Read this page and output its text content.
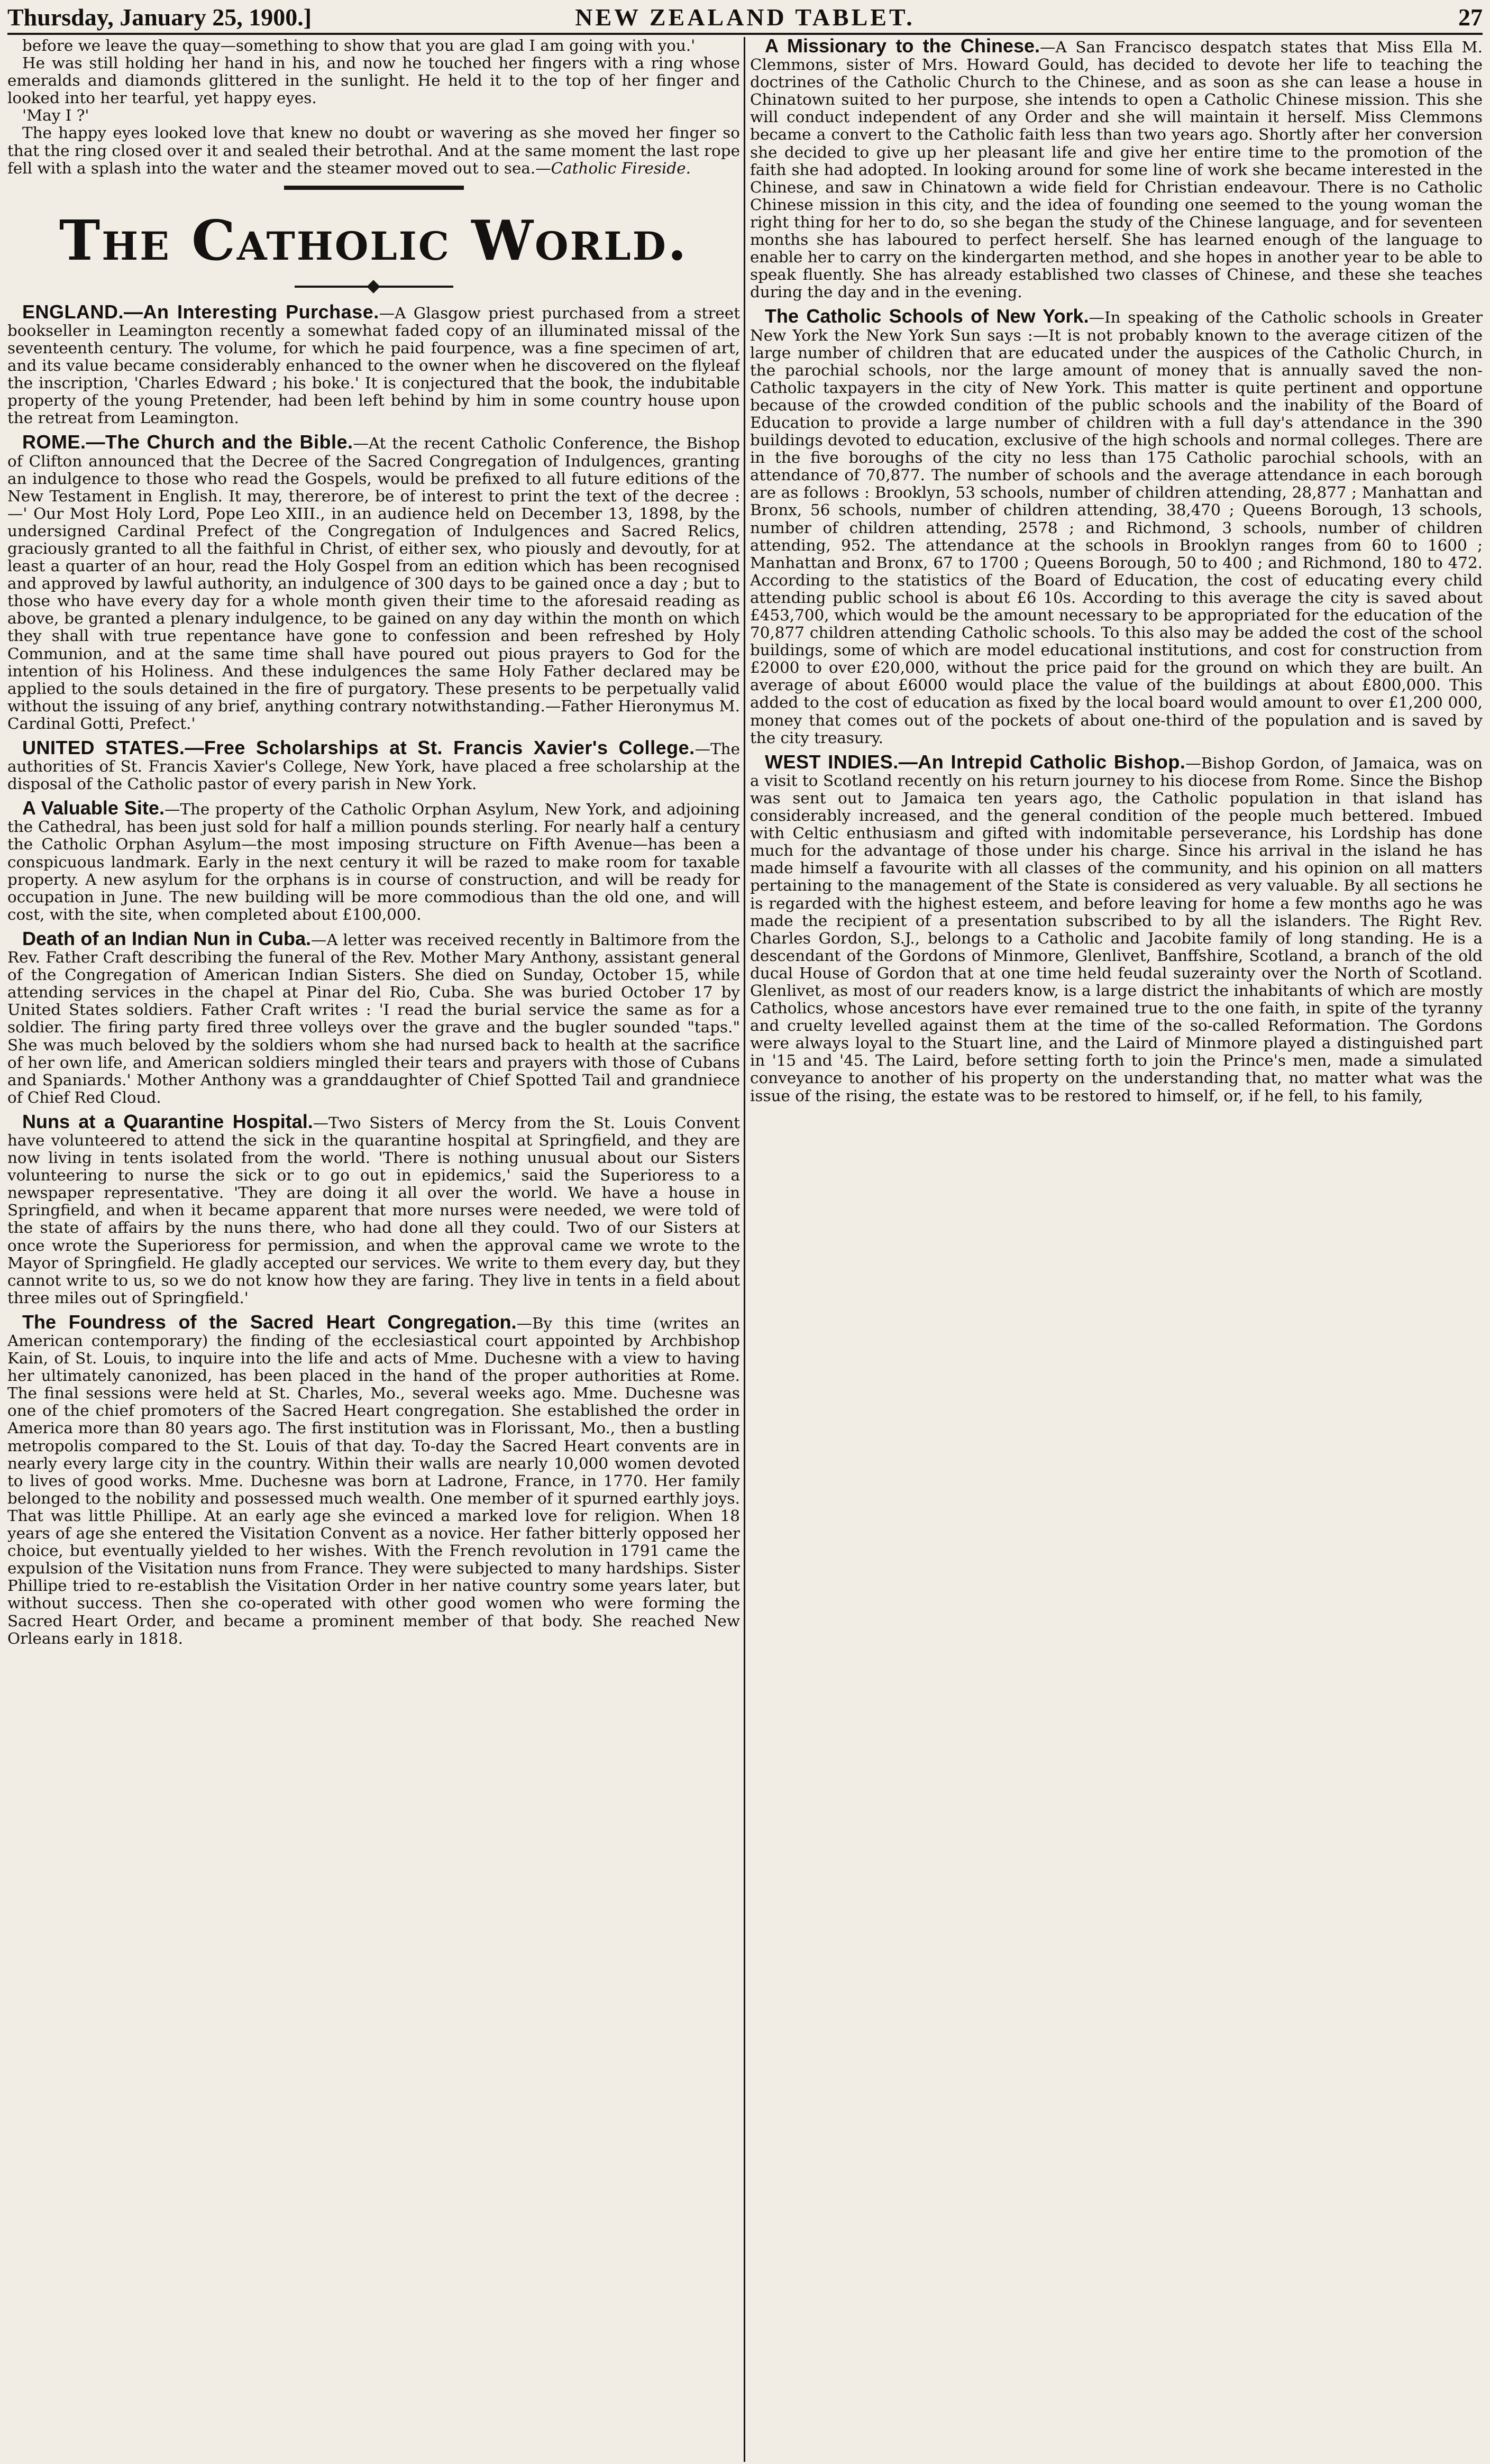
Thursday, January 25, 1900.]	NEW ZEALAND TABLET.	27

before we leave the quay—something to show that you are glad I am going with you.'

He was still holding her hand in his, and now he touched her fingers with a ring whose emeralds and diamonds glittered in the sunlight. He held it to the top of her finger and looked into her tearful, yet happy eyes.

'May I ?'

The happy eyes looked love that knew no doubt or wavering as she moved her finger so that the ring closed over it and sealed their betrothal. And at the same moment the last rope fell with a splash into the water and the steamer moved out to sea.—Catholic Fireside.

The Catholic World.

ENGLAND.—An Interesting Purchase.—A Glasgow priest purchased from a street bookseller in Leamington recently a somewhat faded copy of an illuminated missal of the seventeenth century. The volume, for which he paid fourpence, was a fine specimen of art, and its value became considerably enhanced to the owner when he discovered on the flyleaf the inscription, 'Charles Edward ; his boke.' It is conjectured that the book, the indubitable property of the young Pretender, had been left behind by him in some country house upon the retreat from Leamington.

ROME.—The Church and the Bible.—At the recent Catholic Conference, the Bishop of Clifton announced that the Decree of the Sacred Congregation of Indulgences, granting an indulgence to those who read the Gospels, would be prefixed to all future editions of the New Testament in English. It may, thererore, be of interest to print the text of the decree :—' Our Most Holy Lord, Pope Leo XIII., in an audience held on December 13, 1898, by the undersigned Cardinal Prefect of the Congregation of Indulgences and Sacred Relics, graciously granted to all the faithful in Christ, of either sex, who piously and devoutly, for at least a quarter of an hour, read the Holy Gospel from an edition which has been recognised and approved by lawful authority, an indulgence of 300 days to be gained once a day ; but to those who have every day for a whole month given their time to the aforesaid reading as above, be granted a plenary indulgence, to be gained on any day within the month on which they shall with true repentance have gone to confession and been refreshed by Holy Communion, and at the same time shall have poured out pious prayers to God for the intention of his Holiness. And these indulgences the same Holy Father declared may be applied to the souls detained in the fire of purgatory. These presents to be perpetually valid without the issuing of any brief, anything contrary notwithstanding.—Father Hieronymus M. Cardinal Gotti, Prefect.'

UNITED STATES.—Free Scholarships at St. Francis Xavier's College.—The authorities of St. Francis Xavier's College, New York, have placed a free scholarship at the disposal of the Catholic pastor of every parish in New York.

A Valuable Site.—The property of the Catholic Orphan Asylum, New York, and adjoining the Cathedral, has been just sold for half a million pounds sterling. For nearly half a century the Catholic Orphan Asylum—the most imposing structure on Fifth Avenue—has been a conspicuous landmark. Early in the next century it will be razed to make room for taxable property. A new asylum for the orphans is in course of construction, and will be ready for occupation in June. The new building will be more commodious than the old one, and will cost, with the site, when completed about £100,000.

Death of an Indian Nun in Cuba.—A letter was received recently in Baltimore from the Rev. Father Craft describing the funeral of the Rev. Mother Mary Anthony, assistant general of the Congregation of American Indian Sisters. She died on Sunday, October 15, while attending services in the chapel at Pinar del Rio, Cuba. She was buried October 17 by United States soldiers. Father Craft writes : 'I read the burial service the same as for a soldier. The firing party fired three volleys over the grave and the bugler sounded "taps." She was much beloved by the soldiers whom she had nursed back to health at the sacrifice of her own life, and American soldiers mingled their tears and prayers with those of Cubans and Spaniards.' Mother Anthony was a granddaughter of Chief Spotted Tail and grandniece of Chief Red Cloud.

Nuns at a Quarantine Hospital.—Two Sisters of Mercy from the St. Louis Convent have volunteered to attend the sick in the quarantine hospital at Springfield, and they are now living in tents isolated from the world. 'There is nothing unusual about our Sisters volunteering to nurse the sick or to go out in epidemics,' said the Superioress to a newspaper representative. 'They are doing it all over the world. We have a house in Springfield, and when it became apparent that more nurses were needed, we were told of the state of affairs by the nuns there, who had done all they could. Two of our Sisters at once wrote the Superioress for permission, and when the approval came we wrote to the Mayor of Springfield. He gladly accepted our services. We write to them every day, but they cannot write to us, so we do not know how they are faring. They live in tents in a field about three miles out of Springfield.'

The Foundress of the Sacred Heart Congregation.—By this time (writes an American contemporary) the finding of the ecclesiastical court appointed by Archbishop Kain, of St. Louis, to inquire into the life and acts of Mme. Duchesne with a view to having her ultimately canonized, has been placed in the hand of the proper authorities at Rome. The final sessions were held at St. Charles, Mo., several weeks ago. Mme. Duchesne was one of the chief promoters of the Sacred Heart congregation. She established the order in America more than 80 years ago. The first institution was in Florissant, Mo., then a bustling metropolis compared to the St. Louis of that day. To-day the Sacred Heart convents are in nearly every large city in the country. Within their walls are nearly 10,000 women devoted to lives of good works. Mme. Duchesne was born at Ladrone, France, in 1770. Her family belonged to the nobility and possessed much wealth. One member of it spurned earthly joys. That was little Phillipe. At an early age she evinced a marked love for religion. When 18 years of age she entered the Visitation Convent as a novice. Her father bitterly opposed her choice, but eventually yielded to her wishes. With the French revolution in 1791 came the expulsion of the Visitation nuns from France. They were subjected to many hardships. Sister Phillipe tried to re-establish the Visitation Order in her native country some years later, but without success. Then she co-operated with other good women who were forming the Sacred Heart Order, and became a prominent member of that body. She reached New Orleans early in 1818.

A Missionary to the Chinese.—A San Francisco despatch states that Miss Ella M. Clemmons, sister of Mrs. Howard Gould, has decided to devote her life to teaching the doctrines of the Catholic Church to the Chinese, and as soon as she can lease a house in Chinatown suited to her purpose, she intends to open a Catholic Chinese mission. This she will conduct independent of any Order and she will maintain it herself. Miss Clemmons became a convert to the Catholic faith less than two years ago. Shortly after her conversion she decided to give up her pleasant life and give her entire time to the promotion of the faith she had adopted. In looking around for some line of work she became interested in the Chinese, and saw in Chinatown a wide field for Christian endeavour. There is no Catholic Chinese mission in this city, and the idea of founding one seemed to the young woman the right thing for her to do, so she began the study of the Chinese language, and for seventeen months she has laboured to perfect herself. She has learned enough of the language to enable her to carry on the kindergarten method, and she hopes in another year to be able to speak fluently. She has already established two classes of Chinese, and these she teaches during the day and in the evening.

The Catholic Schools of New York.—In speaking of the Catholic schools in Greater New York the New York Sun says :—It is not probably known to the average citizen of the large number of children that are educated under the auspices of the Catholic Church, in the parochial schools, nor the large amount of money that is annually saved the non-Catholic taxpayers in the city of New York. This matter is quite pertinent and opportune because of the crowded condition of the public schools and the inability of the Board of Education to provide a large number of children with a full day's attendance in the 390 buildings devoted to education, exclusive of the high schools and normal colleges. There are in the five boroughs of the city no less than 175 Catholic parochial schools, with an attendance of 70,877. The number of schools and the average attendance in each borough are as follows : Brooklyn, 53 schools, number of children attending, 28,877 ; Manhattan and Bronx, 56 schools, number of children attending, 38,470 ; Queens Borough, 13 schools, number of children attending, 2578 ; and Richmond, 3 schools, number of children attending, 952. The attendance at the schools in Brooklyn ranges from 60 to 1600 ; Manhattan and Bronx, 67 to 1700 ; Queens Borough, 50 to 400 ; and Richmond, 180 to 472. According to the statistics of the Board of Education, the cost of educating every child attending public school is about £6 10s. According to this average the city is saved about £453,700, which would be the amount necessary to be appropriated for the education of the 70,877 children attending Catholic schools. To this also may be added the cost of the school buildings, some of which are model educational institutions, and cost for construction from £2000 to over £20,000, without the price paid for the ground on which they are built. An average of about £6000 would place the value of the buildings at about £800,000. This added to the cost of education as fixed by the local board would amount to over £1,200 000, money that comes out of the pockets of about one-third of the population and is saved by the city treasury.

WEST INDIES.—An Intrepid Catholic Bishop.—Bishop Gordon, of Jamaica, was on a visit to Scotland recently on his return journey to his diocese from Rome. Since the Bishop was sent out to Jamaica ten years ago, the Catholic population in that island has considerably increased, and the general condition of the people much bettered. Imbued with Celtic enthusiasm and gifted with indomitable perseverance, his Lordship has done much for the advantage of those under his charge. Since his arrival in the island he has made himself a favourite with all classes of the community, and his opinion on all matters pertaining to the management of the State is considered as very valuable. By all sections he is regarded with the highest esteem, and before leaving for home a few months ago he was made the recipient of a presentation subscribed to by all the islanders. The Right Rev. Charles Gordon, S.J., belongs to a Catholic and Jacobite family of long standing. He is a descendant of the Gordons of Minmore, Glenlivet, Banffshire, Scotland, a branch of the old ducal House of Gordon that at one time held feudal suzerainty over the North of Scotland. Glenlivet, as most of our readers know, is a large district the inhabitants of which are mostly Catholics, whose ancestors have ever remained true to the one faith, in spite of the tyranny and cruelty levelled against them at the time of the so-called Reformation. The Gordons were always loyal to the Stuart line, and the Laird of Minmore played a distinguished part in '15 and '45. The Laird, before setting forth to join the Prince's men, made a simulated conveyance to another of his property on the understanding that, no matter what was the issue of the rising, the estate was to be restored to himself, or, if he fell, to his family,
